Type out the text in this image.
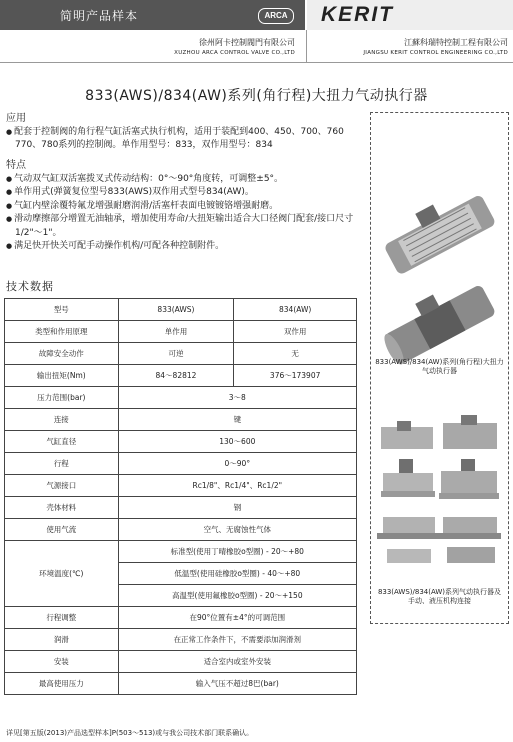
简明产品样本	ARCA	KERIT
徐州阿卡控制閥門有限公司
XUZHOU ARCA CONTROL VALVE CO.,LTD
江蘇科瑞特控制工程有限公司
JIANGSU KERIT CONTROL ENGINEERING CO.,LTD
833(AWS)/834(AW)系列(角行程)大扭力气动执行器
应用
● 配套于控制阀的角行程气缸活塞式执行机构，适用于装配到400、450、700、760 770、780系列的控制阀。单作用型号：833，双作用型号：834
特点
● 气动双气缸双活塞拨叉式传动结构：0°～90°角度转，可调整±5°。
● 单作用式(弹簧复位型号833(AWS)双作用式型号834(AW)。
● 气缸内壁涂覆特氟龙增强耐磨润滑/活塞杆表面电镀镀铬增强耐磨。
● 滑动摩擦部分增置无油轴承，增加使用寿命/大扭矩输出适合大口径阀门配套/接口尺寸1/2"～1"。
● 满足快开快关可配手动操作机构/可配各种控制附件。
技术数据
型号	833(AWS)	834(AW)
类型和作用原理	单作用	双作用
故障安全动作	可逆	无
输出扭矩(Nm)	84～82812	376～173907
压力范围(bar)	3～8	
连接	键	
气缸直径	130～600	
行程	0～90°	
气源接口	Rc1/8"、Rc1/4"、Rc1/2"	
壳体材料	钢	
使用气流	空气、无腐蚀性气体	
环境温度(℃)	标准型(使用丁晴橡胶o型圈) - 20～+80	
	低温型(使用硅橡胶o型圈) - 40～+80	
	高温型(使用氟橡胶o型圈) - 20～+150	
行程调整	在90°位置有±4°的可调范围	
润滑	在正常工作条件下，不需要添加润滑剂	
安装	适合室内或室外安装	
最高使用压力	输入气压不超过8巴(bar)	
833(AWS)/834(AW)系列(角行程)大扭力气动执行器
833(AWS)/834(AW)系列气动执行器及手动、液压机构连接
详见[第五版(2013)产品选型样本]P(503～513)或与我公司技术部门联系确认。
